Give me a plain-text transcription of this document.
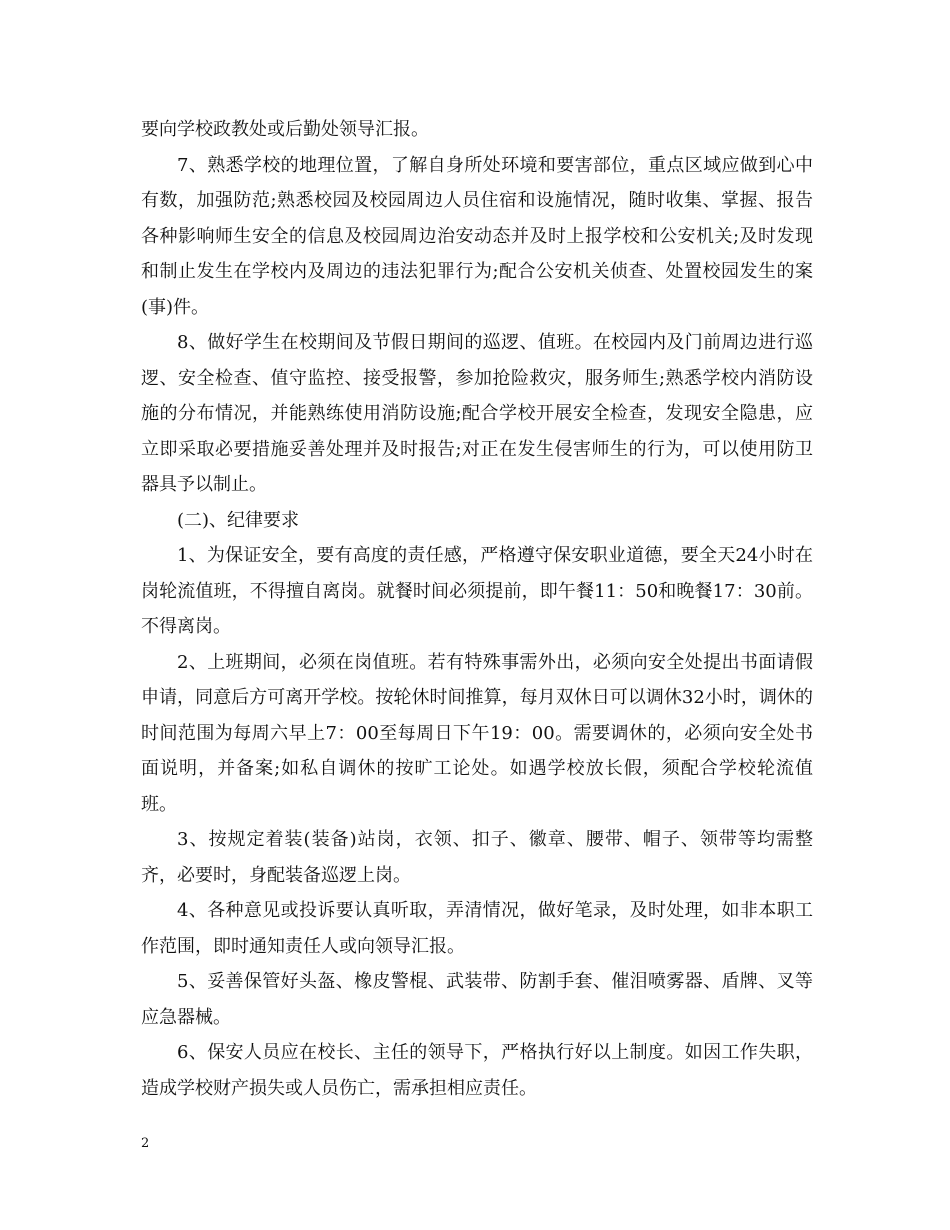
要向学校政教处或后勤处领导汇报。

7、熟悉学校的地理位置，了解自身所处环境和要害部位，重点区域应做到心中有数，加强防范;熟悉校园及校园周边人员住宿和设施情况，随时收集、掌握、报告各种影响师生安全的信息及校园周边治安动态并及时上报学校和公安机关;及时发现和制止发生在学校内及周边的违法犯罪行为;配合公安机关侦查、处置校园发生的案(事)件。

8、做好学生在校期间及节假日期间的巡逻、值班。在校园内及门前周边进行巡逻、安全检查、值守监控、接受报警，参加抢险救灾，服务师生;熟悉学校内消防设施的分布情况，并能熟练使用消防设施;配合学校开展安全检查，发现安全隐患，应立即采取必要措施妥善处理并及时报告;对正在发生侵害师生的行为，可以使用防卫器具予以制止。

(二)、纪律要求

1、为保证安全，要有高度的责任感，严格遵守保安职业道德，要全天24小时在岗轮流值班，不得擅自离岗。就餐时间必须提前，即午餐11：50和晚餐17：30前。不得离岗。

2、上班期间，必须在岗值班。若有特殊事需外出，必须向安全处提出书面请假申请，同意后方可离开学校。按轮休时间推算，每月双休日可以调休32小时，调休的时间范围为每周六早上7：00至每周日下午19：00。需要调休的，必须向安全处书面说明，并备案;如私自调休的按旷工论处。如遇学校放长假，须配合学校轮流值班。

3、按规定着装(装备)站岗，衣领、扣子、徽章、腰带、帽子、领带等均需整齐，必要时，身配装备巡逻上岗。

4、各种意见或投诉要认真听取，弄清情况，做好笔录，及时处理，如非本职工作范围，即时通知责任人或向领导汇报。

5、妥善保管好头盔、橡皮警棍、武装带、防割手套、催泪喷雾器、盾牌、叉等应急器械。

6、保安人员应在校长、主任的领导下，严格执行好以上制度。如因工作失职，造成学校财产损失或人员伤亡，需承担相应责任。

2
